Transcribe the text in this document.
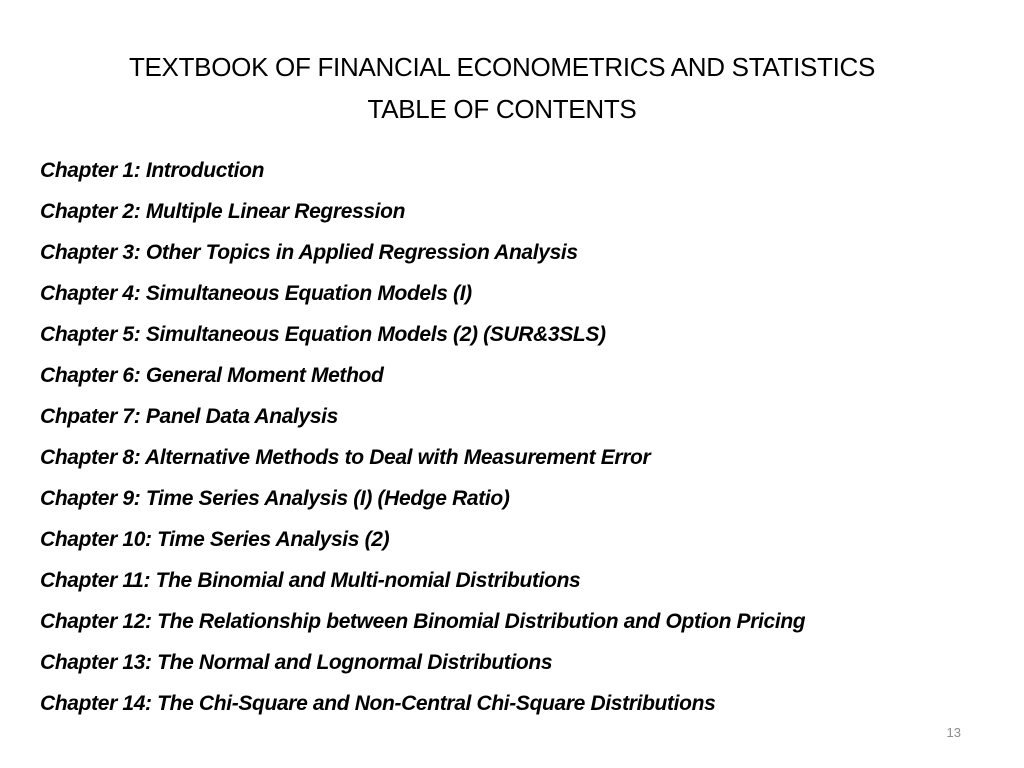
TEXTBOOK OF FINANCIAL ECONOMETRICS AND STATISTICS
TABLE OF CONTENTS
Chapter 1: Introduction
Chapter 2: Multiple Linear Regression
Chapter 3: Other Topics in Applied Regression Analysis
Chapter 4: Simultaneous Equation Models (I)
Chapter 5: Simultaneous Equation Models (2) (SUR&3SLS)
Chapter 6: General Moment Method
Chpater 7: Panel Data Analysis
Chapter 8: Alternative Methods to Deal with Measurement Error
Chapter 9: Time Series Analysis (I) (Hedge Ratio)
Chapter 10: Time Series Analysis (2)
Chapter 11: The Binomial and Multi-nomial Distributions
Chapter 12: The Relationship between Binomial Distribution and Option Pricing
Chapter 13: The Normal and Lognormal Distributions
Chapter 14: The Chi-Square and Non-Central Chi-Square Distributions
13
